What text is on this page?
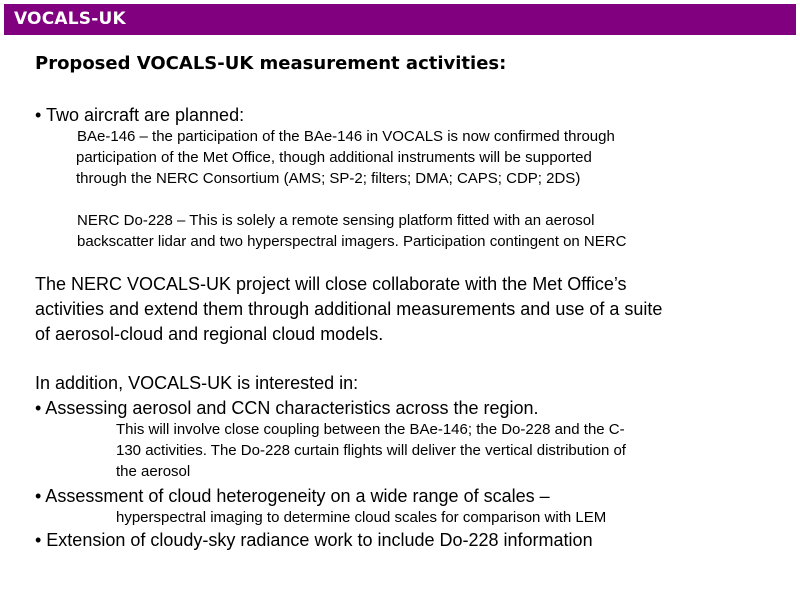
VOCALS-UK
Proposed VOCALS-UK measurement activities:
• Two aircraft are planned:
BAe-146 – the participation of the BAe-146 in VOCALS is now confirmed through
participation of the Met Office, though additional instruments will be supported
through the NERC Consortium (AMS; SP-2; filters; DMA; CAPS; CDP; 2DS)
NERC Do-228 – This is solely a remote sensing platform fitted with an aerosol
backscatter lidar and two hyperspectral imagers. Participation contingent on NERC
The NERC VOCALS-UK project will close collaborate with the Met Office’s
activities and extend them through additional measurements and use of a suite
of aerosol-cloud and regional cloud models.
In addition, VOCALS-UK is interested in:
• Assessing aerosol and CCN characteristics across the region.
This will involve close coupling between the BAe-146; the Do-228 and the C-
130 activities. The Do-228 curtain flights will deliver the vertical distribution of
the aerosol
• Assessment of cloud heterogeneity on a wide range of scales –
hyperspectral imaging to determine cloud scales for comparison with LEM
• Extension of cloudy-sky radiance work to include Do-228 information
